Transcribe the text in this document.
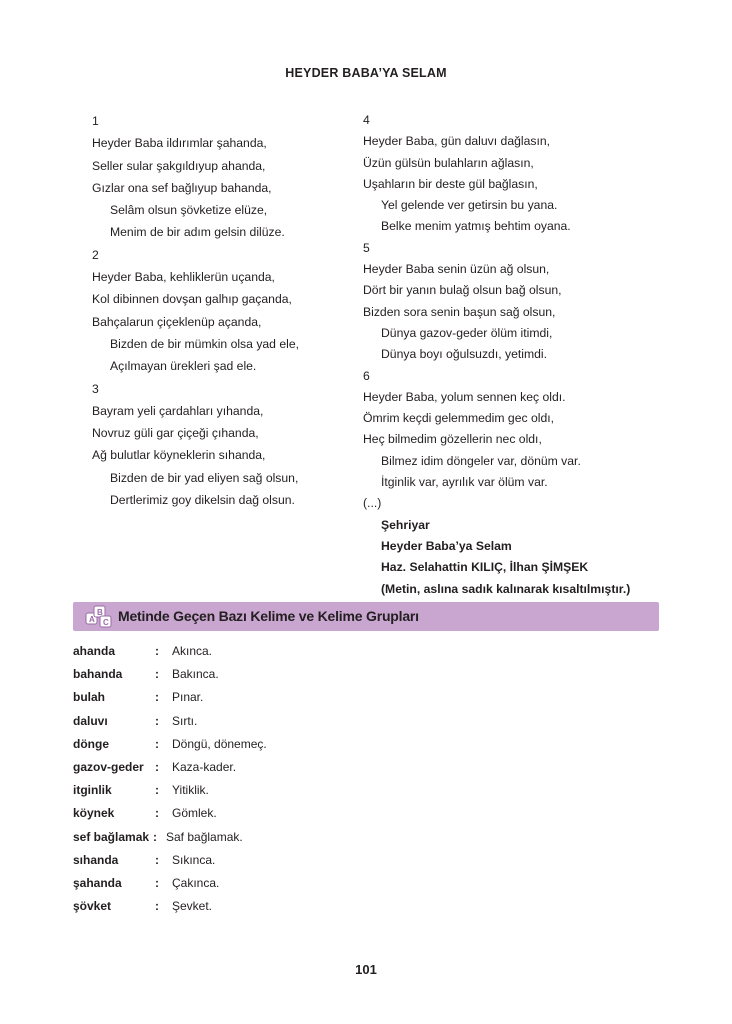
HEYDER BABA’YA SELAM
1
Heyder Baba ildırımlar şahanda,
Seller sular şakgıldıyup ahanda,
Gızlar ona sef bağlıyup bahanda,
Selâm olsun şövketize elüze,
Menim de bir adım gelsin dilüze.
2
Heyder Baba, kehliklerün uçanda,
Kol dibinnen dovşan galhıp gaçanda,
Bahçalarun çiçeklenüp açanda,
Bizden de bir mümkin olsa yad ele,
Açılmayan ürekleri şad ele.
3
Bayram yeli çardahları yıhanda,
Novruz güli gar çiçeği çıhanda,
Ağ bulutlar köyneklerin sıhanda,
Bizden de bir yad eliyen sağ olsun,
Dertlerimiz goy dikelsin dağ olsun.
4
Heyder Baba, gün daluvı dağlasın,
Üzün gülsün bulahların ağlasın,
Uşahların bir deste gül bağlasın,
Yel gelende ver getirsin bu yana.
Belke menim yatmış behtim oyana.
5
Heyder Baba senin üzün ağ olsun,
Dört bir yanın bulağ olsun bağ olsun,
Bizden sora senin başun sağ olsun,
Dünya gazov-geder ölüm itimdi,
Dünya boyı oğulsuzdı, yetimdi.
6
Heyder Baba, yolum sennen keç oldı.
Ömrim keçdi gelemmedim gec oldı,
Heç bilmedim gözellerin nec oldı,
Bilmez idim döngeler var, dönüm var.
İtginlik var, ayrılık var ölüm var.
(...)
Şehriyar
Heyder Baba’ya Selam
Haz. Selahattin KILIÇ, İlhan ŞİMŞEK
(Metin, aslına sadık kalınarak kısaltılmıştır.)
A
B
C Metinde Geçen Bazı Kelime ve Kelime Grupları
ahanda	: Akınca.
bahanda	: Bakınca.
bulah	: Pınar.
daluvı	: Sırtı.
dönge	: Döngü, dönemeç.
gazov-geder : Kaza-kader.
itginlik	: Yitiklik.
köynek	: Gömlek.
sef bağlamak : Saf bağlamak.
sıhanda	: Sıkınca.
şahanda	: Çakınca.
şövket	: Şevket.
101
